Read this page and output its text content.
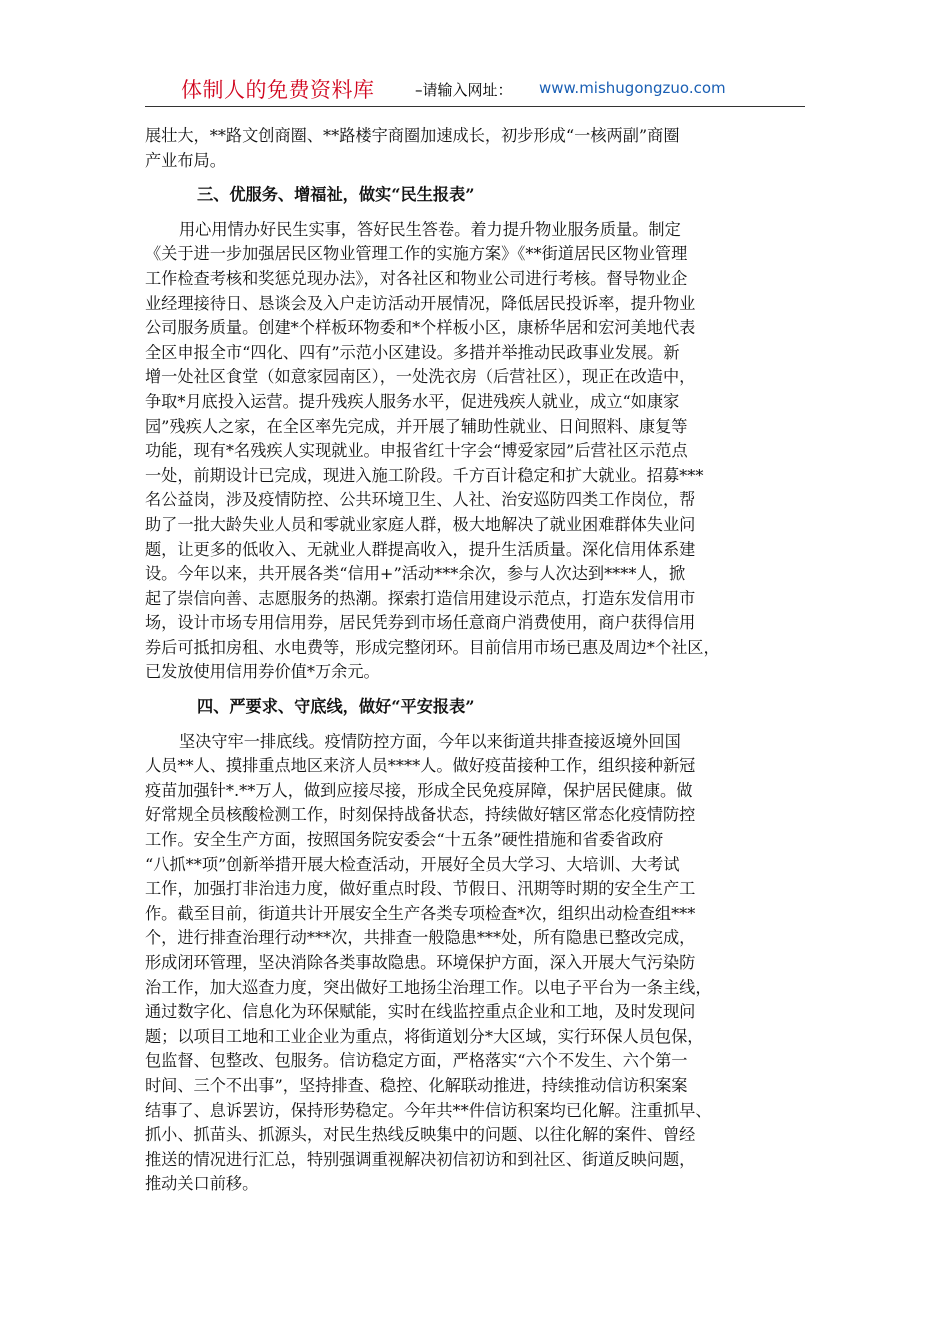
体制人的免费资料库	–请输入网址： www.mishugongzuo.com
展壮大，**路文创商圈、**路楼宇商圈加速成长，初步形成“一核两副”商圈
产业布局。
三、优服务、增福祉，做实“民生报表”
用心用情办好民生实事，答好民生答卷。着力提升物业服务质量。制定
《关于进一步加强居民区物业管理工作的实施方案》《**街道居民区物业管理
工作检查考核和奖惩兑现办法》，对各社区和物业公司进行考核。督导物业企
业经理接待日、恳谈会及入户走访活动开展情况，降低居民投诉率，提升物业
公司服务质量。创建*个样板环物委和*个样板小区，康桥华居和宏河美地代表
全区申报全市“四化、四有”示范小区建设。多措并举推动民政事业发展。新
增一处社区食堂（如意家园南区），一处洗衣房（后营社区），现正在改造中，
争取*月底投入运营。提升残疾人服务水平，促进残疾人就业，成立“如康家
园”残疾人之家，在全区率先完成，并开展了辅助性就业、日间照料、康复等
功能，现有*名残疾人实现就业。申报省红十字会“博爱家园”后营社区示范点
一处，前期设计已完成，现进入施工阶段。千方百计稳定和扩大就业。招募***
名公益岗，涉及疫情防控、公共环境卫生、人社、治安巡防四类工作岗位，帮
助了一批大龄失业人员和零就业家庭人群，极大地解决了就业困难群体失业问
题，让更多的低收入、无就业人群提高收入，提升生活质量。深化信用体系建
设。今年以来，共开展各类“信用+”活动***余次，参与人次达到****人，掀
起了崇信向善、志愿服务的热潮。探索打造信用建设示范点，打造东发信用市
场，设计市场专用信用券，居民凭券到市场任意商户消费使用，商户获得信用
券后可抵扣房租、水电费等，形成完整闭环。目前信用市场已惠及周边*个社区，
已发放使用信用券价值*万余元。
四、严要求、守底线，做好“平安报表”
坚决守牢一排底线。疫情防控方面，今年以来街道共排查接返境外回国
人员**人、摸排重点地区来济人员****人。做好疫苗接种工作，组织接种新冠
疫苗加强针*.**万人，做到应接尽接，形成全民免疫屏障，保护居民健康。做
好常规全员核酸检测工作，时刻保持战备状态，持续做好辖区常态化疫情防控
工作。安全生产方面，按照国务院安委会“十五条”硬性措施和省委省政府
“八抓**项”创新举措开展大检查活动，开展好全员大学习、大培训、大考试
工作，加强打非治违力度，做好重点时段、节假日、汛期等时期的安全生产工
作。截至目前，街道共计开展安全生产各类专项检查*次，组织出动检查组***
个，进行排查治理行动***次，共排查一般隐患***处，所有隐患已整改完成，
形成闭环管理，坚决消除各类事故隐患。环境保护方面，深入开展大气污染防
治工作，加大巡查力度，突出做好工地扬尘治理工作。以电子平台为一条主线，
通过数字化、信息化为环保赋能，实时在线监控重点企业和工地，及时发现问
题；以项目工地和工业企业为重点，将街道划分*大区域，实行环保人员包保，
包监督、包整改、包服务。信访稳定方面，严格落实“六个不发生、六个第一
时间、三个不出事”，坚持排查、稳控、化解联动推进，持续推动信访积案案
结事了、息诉罢访，保持形势稳定。今年共**件信访积案均已化解。注重抓早、
抓小、抓苗头、抓源头，对民生热线反映集中的问题、以往化解的案件、曾经
推送的情况进行汇总，特别强调重视解决初信初访和到社区、街道反映问题，
推动关口前移。
